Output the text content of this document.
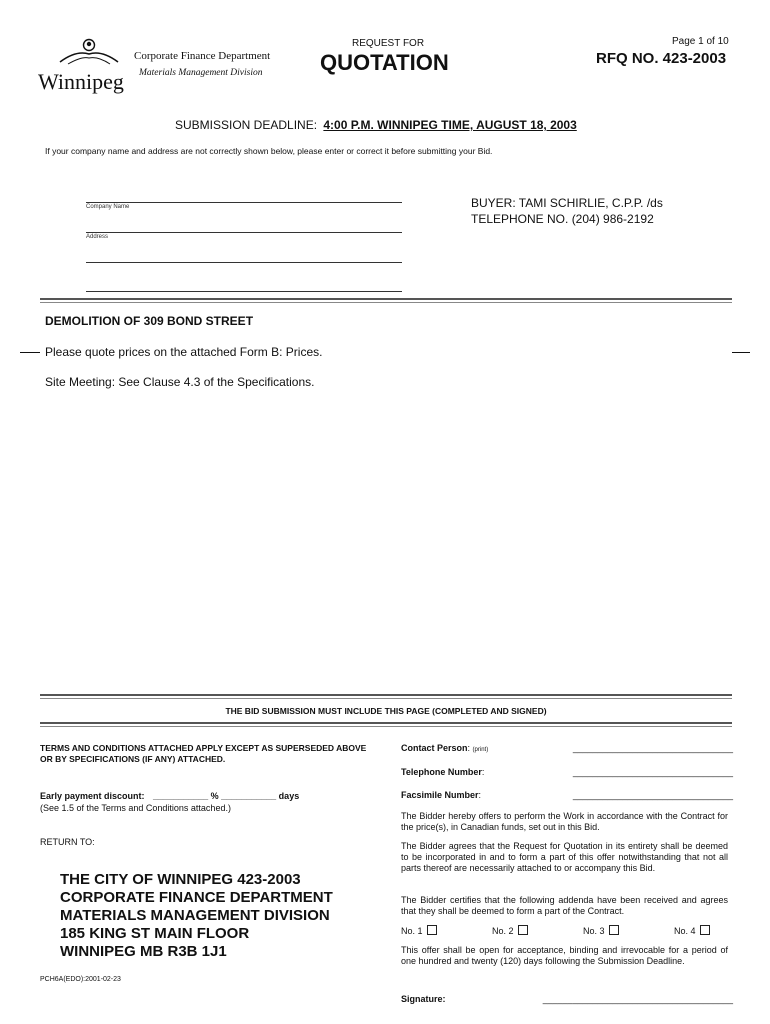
Winnipeg
Corporate Finance Department
Materials Management Division
REQUEST FOR
QUOTATION
Page 1 of 10
RFQ NO. 423-2003
SUBMISSION DEADLINE: 4:00 P.M. WINNIPEG TIME, AUGUST 18, 2003
If your company name and address are not correctly shown below, please enter or correct it before submitting your Bid.
Company Name
Address
BUYER: TAMI SCHIRLIE, C.P.P. /ds
TELEPHONE NO. (204) 986-2192
DEMOLITION OF 309 BOND STREET
Please quote prices on the attached Form B: Prices.
Site Meeting: See Clause 4.3 of the Specifications.
THE BID SUBMISSION MUST INCLUDE THIS PAGE (COMPLETED AND SIGNED)
TERMS AND CONDITIONS ATTACHED APPLY EXCEPT AS SUPERSEDED ABOVE OR BY SPECIFICATIONS (IF ANY) ATTACHED.
Early payment discount: ___________ % ___________ days
(See 1.5 of the Terms and Conditions attached.)
RETURN TO:
THE CITY OF WINNIPEG 423-2003
CORPORATE FINANCE DEPARTMENT
MATERIALS MANAGEMENT DIVISION
185 KING ST MAIN FLOOR
WINNIPEG MB R3B 1J1
PCH6A(EDO):2001-02-23
Contact Person: (print)	________________________________
Telephone Number:	________________________________
Facsimile Number:	________________________________
The Bidder hereby offers to perform the Work in accordance with the Contract for the price(s), in Canadian funds, set out in this Bid.
The Bidder agrees that the Request for Quotation in its entirety shall be deemed to be incorporated in and to form a part of this offer notwithstanding that not all parts thereof are necessarily attached to or accompany this Bid.
The Bidder certifies that the following addenda have been received and agrees that they shall be deemed to form a part of the Contract.
No. 1	No. 2	No. 3	No. 4
This offer shall be open for acceptance, binding and irrevocable for a period of one hundred and twenty (120) days following the Submission Deadline.
Signature:	______________________________________
